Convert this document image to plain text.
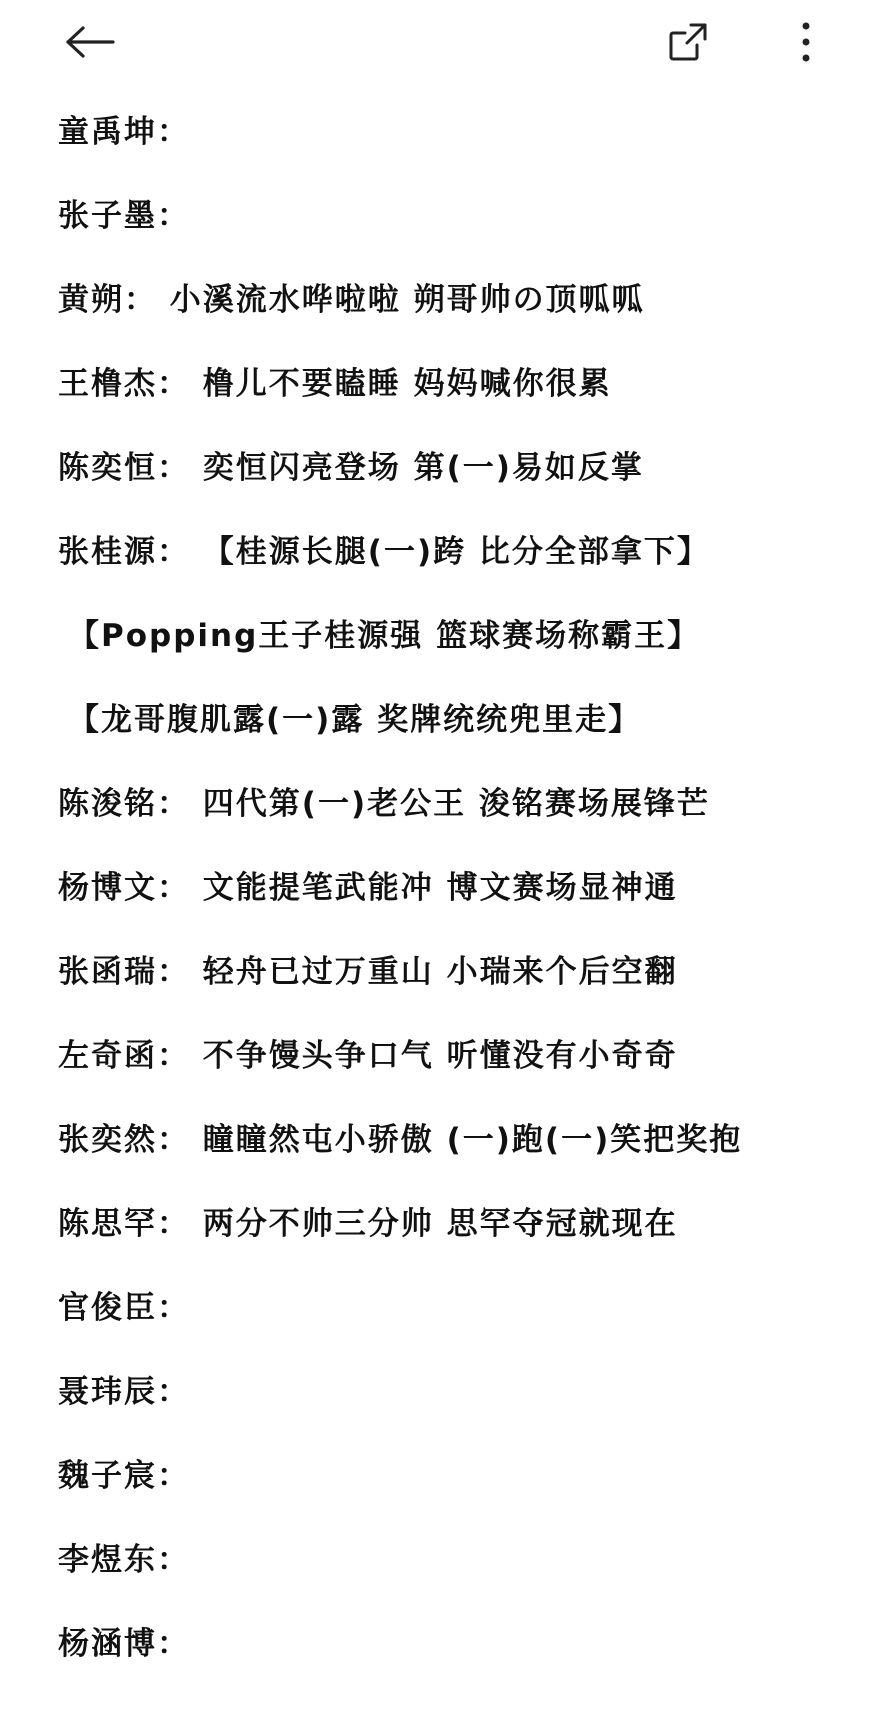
童禹坤：
张子墨：
黄朔： 小溪流水哗啦啦 朔哥帅の顶呱呱
王橹杰： 橹儿不要瞌睡 妈妈喊你很累
陈奕恒： 奕恒闪亮登场 第(一)易如反掌
张桂源： 【桂源长腿(一)跨 比分全部拿下】
【Popping王子桂源强 篮球赛场称霸王】
【龙哥腹肌露(一)露 奖牌统统兜里走】
陈浚铭： 四代第(一)老公王 浚铭赛场展锋芒
杨博文： 文能提笔武能冲 博文赛场显神通
张函瑞： 轻舟已过万重山 小瑞来个后空翻
左奇函： 不争馒头争口气 听懂没有小奇奇
张奕然： 瞳瞳然屯小骄傲 (一)跑(一)笑把奖抱
陈思罕： 两分不帅三分帅 思罕夺冠就现在
官俊臣：
聂玮辰：
魏子宸：
李煜东：
杨涵博：
